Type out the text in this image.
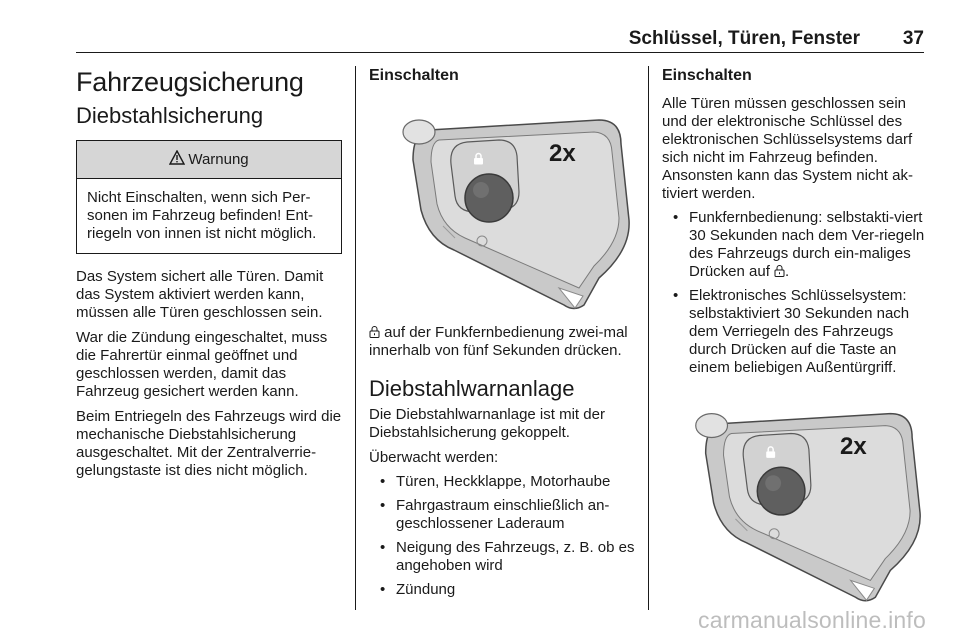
Schlüssel, Türen, Fenster 37
Fahrzeugsicherung
Diebstahlsicherung
Warnung
Nicht Einschalten, wenn sich Per-sonen im Fahrzeug befinden! Ent-riegeln von innen ist nicht möglich.

Das System sichert alle Türen. Damit das System aktiviert werden kann, müssen alle Türen geschlossen sein.

War die Zündung eingeschaltet, muss die Fahrertür einmal geöffnet und geschlossen werden, damit das Fahrzeug gesichert werden kann.

Beim Entriegeln des Fahrzeugs wird die mechanische Diebstahlsicherung ausgeschaltet. Mit der Zentralverrie-gelungstaste ist dies nicht möglich.

Einschalten
2x

auf der Funkfernbedienung zwei-mal innerhalb von fünf Sekunden drücken.

Diebstahlwarnanlage

Die Diebstahlwarnanlage ist mit der Diebstahlsicherung gekoppelt.

Überwacht werden:

• Türen, Heckklappe, Motorhaube
• Fahrgastraum einschließlich an-geschlossener Laderaum
• Neigung des Fahrzeugs, z. B. ob es angehoben wird
• Zündung
Einschalten

Alle Türen müssen geschlossen sein und der elektronische Schlüssel des elektronischen Schlüsselsystems darf sich nicht im Fahrzeug befinden. Ansonsten kann das System nicht ak-tiviert werden.

• Funkfernbedienung: selbstakti-viert 30 Sekunden nach dem Ver-riegeln des Fahrzeugs durch ein-maliges Drücken auf .
• Elektronisches Schlüsselsystem: selbstaktiviert 30 Sekunden nach dem Verriegeln des Fahrzeugs durch Drücken auf die Taste an einem beliebigen Außentürgriff.
2x
carmanualsonline.info
